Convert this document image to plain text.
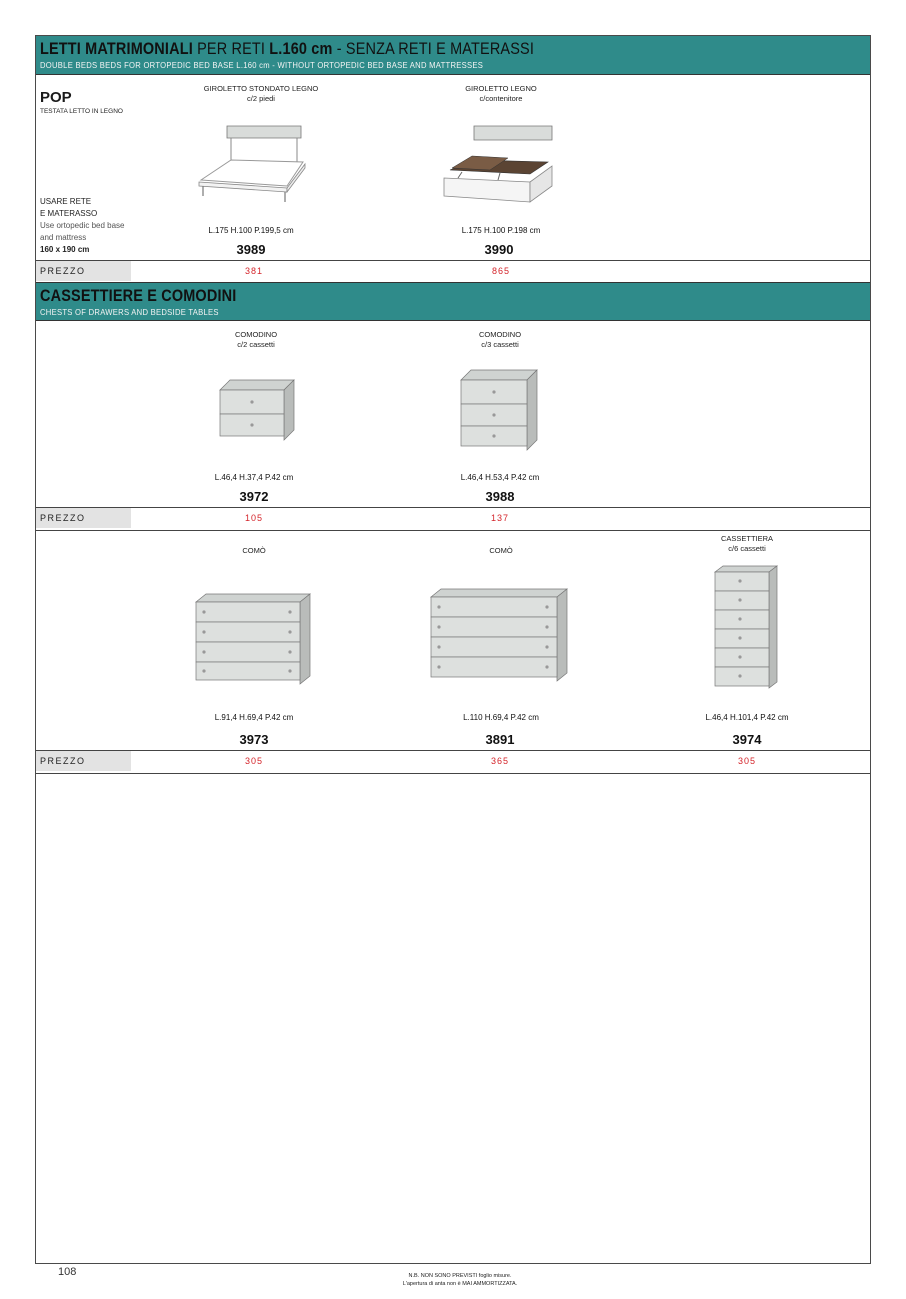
LETTI MATRIMONIALI PER RETI L.160 cm - SENZA RETI E MATERASSI
DOUBLE BEDS BEDS FOR ORTOPEDIC BED BASE L.160 cm - WITHOUT ORTOPEDIC BED BASE AND MATTRESSES
POP
TESTATA LETTO IN LEGNO
USARE RETE
E MATERASSO
Use ortopedic bed base
and mattress
160 x 190 cm
GIROLETTO STONDATO LEGNO
c/2 piedi
L.175 H.100 P.199,5 cm
3989
GIROLETTO LEGNO
c/contenitore
L.175 H.100 P.198 cm
3990
PREZZO	381	865
CASSETTIERE E COMODINI
CHESTS OF DRAWERS AND BEDSIDE TABLES
COMODINO
c/2 cassetti
L.46,4 H.37,4 P.42 cm
3972
COMODINO
c/3 cassetti
L.46,4 H.53,4 P.42 cm
3988
PREZZO	105	137
COMÒ
L.91,4 H.69,4 P.42 cm
3973
COMÒ
L.110 H.69,4 P.42 cm
3891
CASSETTIERA
c/6 cassetti
L.46,4 H.101,4 P.42 cm
3974
PREZZO	305	365	305
108	N.B. NON SONO PREVISTI foglio misure.
L'apertura di anta non è MAI AMMORTIZZATA.
